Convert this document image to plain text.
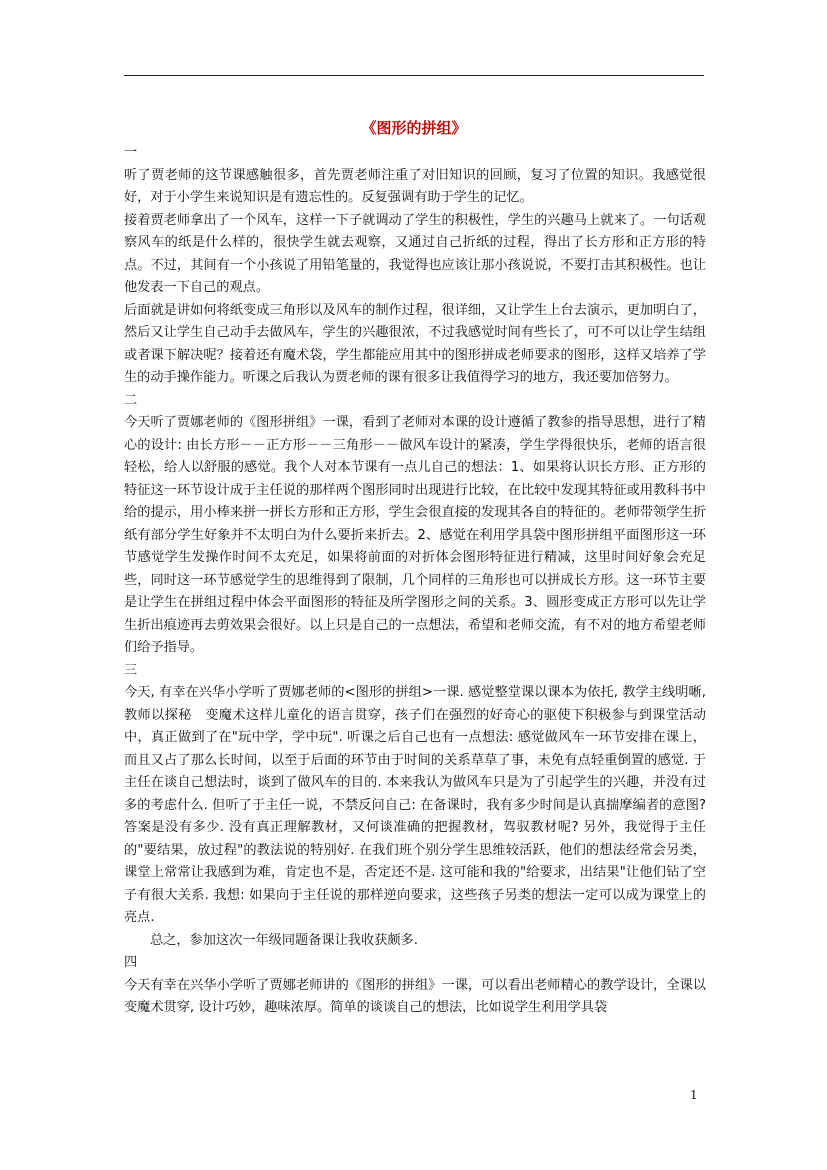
《图形的拼组》

一

听了贾老师的这节课感触很多，首先贾老师注重了对旧知识的回顾，复习了位置的知识。我感觉很好，对于小学生来说知识是有遗忘性的。反复强调有助于学生的记忆。

接着贾老师拿出了一个风车，这样一下子就调动了学生的积极性，学生的兴趣马上就来了。一句话观察风车的纸是什么样的，很快学生就去观察，又通过自己折纸的过程，得出了长方形和正方形的特点。不过，其间有一个小孩说了用铅笔量的，我觉得也应该让那小孩说说，不要打击其积极性。也让他发表一下自己的观点。

后面就是讲如何将纸变成三角形以及风车的制作过程，很详细，又让学生上台去演示，更加明白了，然后又让学生自己动手去做风车，学生的兴趣很浓，不过我感觉时间有些长了，可不可以让学生结组或者课下解决呢？接着还有魔术袋，学生都能应用其中的图形拼成老师要求的图形，这样又培养了学生的动手操作能力。听课之后我认为贾老师的课有很多让我值得学习的地方，我还要加倍努力。

二

今天听了贾娜老师的《图形拼组》一课，看到了老师对本课的设计遵循了教参的指导思想，进行了精心的设计: 由长方形－－正方形－－三角形－－做风车设计的紧凑，学生学得很快乐，老师的语言很轻松，给人以舒服的感觉。我个人对本节课有一点儿自己的想法：1、如果将认识长方形、正方形的特征这一环节设计成于主任说的那样两个图形同时出现进行比较，在比较中发现其特征或用教科书中给的提示，用小棒来拼一拼长方形和正方形，学生会很直接的发现其各自的特征的。老师带领学生折纸有部分学生好象并不太明白为什么要折来折去。2、感觉在利用学具袋中图形拼组平面图形这一环节感觉学生发操作时间不太充足，如果将前面的对折体会图形特征进行精减，这里时间好象会充足些，同时这一环节感觉学生的思维得到了限制，几个同样的三角形也可以拼成长方形。这一环节主要是让学生在拼组过程中体会平面图形的特征及所学图形之间的关系。3、圆形变成正方形可以先让学生折出痕迹再去剪效果会很好。以上只是自己的一点想法，希望和老师交流，有不对的地方希望老师们给予指导。

三

今天, 有幸在兴华小学听了贾娜老师的<图形的拼组>一课. 感觉整堂课以课本为依托, 教学主线明晰, 教师以探秘　变魔术这样儿童化的语言贯穿，孩子们在强烈的好奇心的驱使下积极参与到课堂活动中，真正做到了在"玩中学，学中玩". 听课之后自己也有一点想法: 感觉做风车一环节安排在课上，而且又占了那么长时间，以至于后面的环节由于时间的关系草草了事，未免有点轻重倒置的感觉. 于主任在谈自己想法时，谈到了做风车的目的. 本来我认为做风车只是为了引起学生的兴趣，并没有过多的考虑什么. 但听了于主任一说，不禁反问自己: 在备课时，我有多少时间是认真揣摩编者的意图? 答案是没有多少. 没有真正理解教材，又何谈准确的把握教材，驾驭教材呢? 另外，我觉得于主任的"要结果，放过程"的教法说的特别好. 在我们班个别分学生思维较活跃，他们的想法经常会另类，课堂上常常让我感到为难，肯定也不是，否定还不是. 这可能和我的"给要求，出结果"让他们钻了空子有很大关系. 我想: 如果向于主任说的那样逆向要求，这些孩子另类的想法一定可以成为课堂上的亮点.

总之，参加这次一年级同题备课让我收获颇多.

四

今天有幸在兴华小学听了贾娜老师讲的《图形的拼组》一课，可以看出老师精心的教学设计，全课以变魔术贯穿, 设计巧妙，趣味浓厚。简单的谈谈自己的想法，比如说学生利用学具袋

1
